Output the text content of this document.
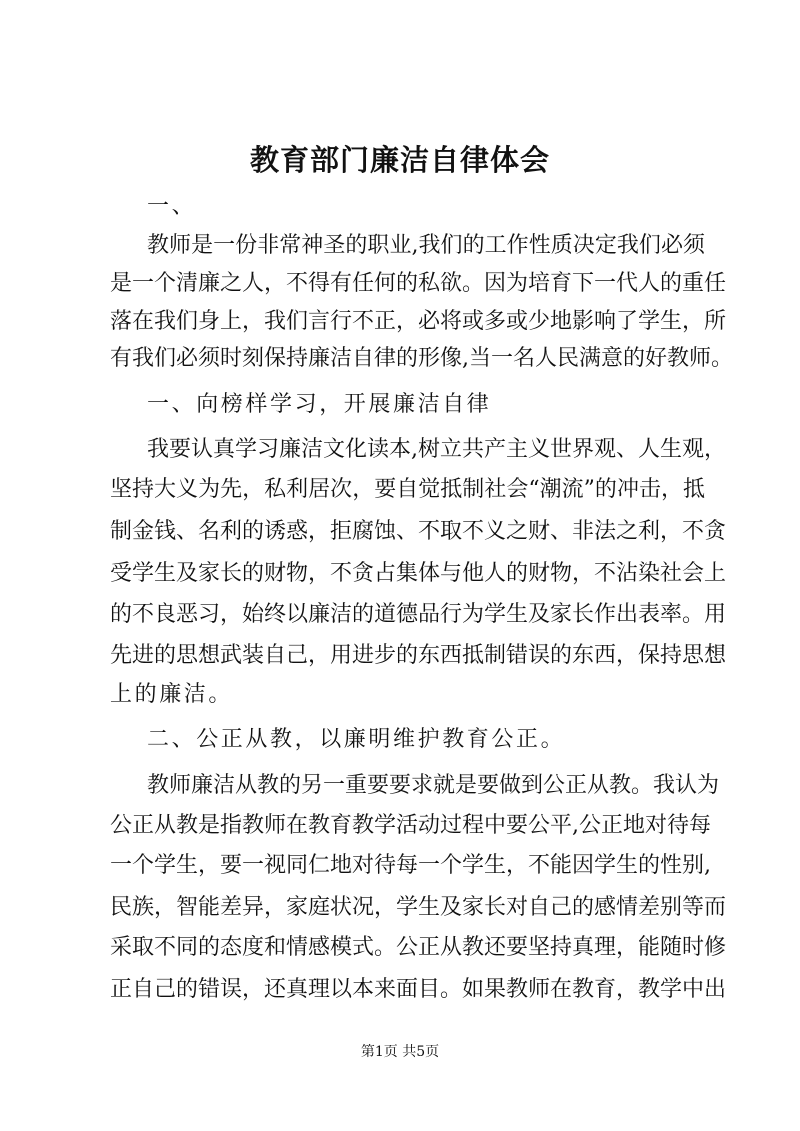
教育部门廉洁自律体会
一、
教师是一份非常神圣的职业,我们的工作性质决定我们必须
是一个清廉之人，不得有任何的私欲。因为培育下一代人的重任
落在我们身上，我们言行不正，必将或多或少地影响了学生，所
有我们必须时刻保持廉洁自律的形像,当一名人民满意的好教师。
一、向榜样学习，开展廉洁自律
我要认真学习廉洁文化读本,树立共产主义世界观、人生观，
坚持大义为先，私利居次，要自觉抵制社会“潮流”的冲击，抵
制金钱、名利的诱惑，拒腐蚀、不取不义之财、非法之利，不贪
受学生及家长的财物，不贪占集体与他人的财物，不沾染社会上
的不良恶习，始终以廉洁的道德品行为学生及家长作出表率。用
先进的思想武装自己，用进步的东西抵制错误的东西，保持思想
上的廉洁。
二、公正从教，以廉明维护教育公正。
教师廉洁从教的另一重要要求就是要做到公正从教。我认为
公正从教是指教师在教育教学活动过程中要公平,公正地对待每
一个学生，要一视同仁地对待每一个学生，不能因学生的性别,
民族，智能差异，家庭状况，学生及家长对自己的感情差别等而
采取不同的态度和情感模式。公正从教还要坚持真理，能随时修
正自己的错误，还真理以本来面目。如果教师在教育，教学中出
第1页 共5页
